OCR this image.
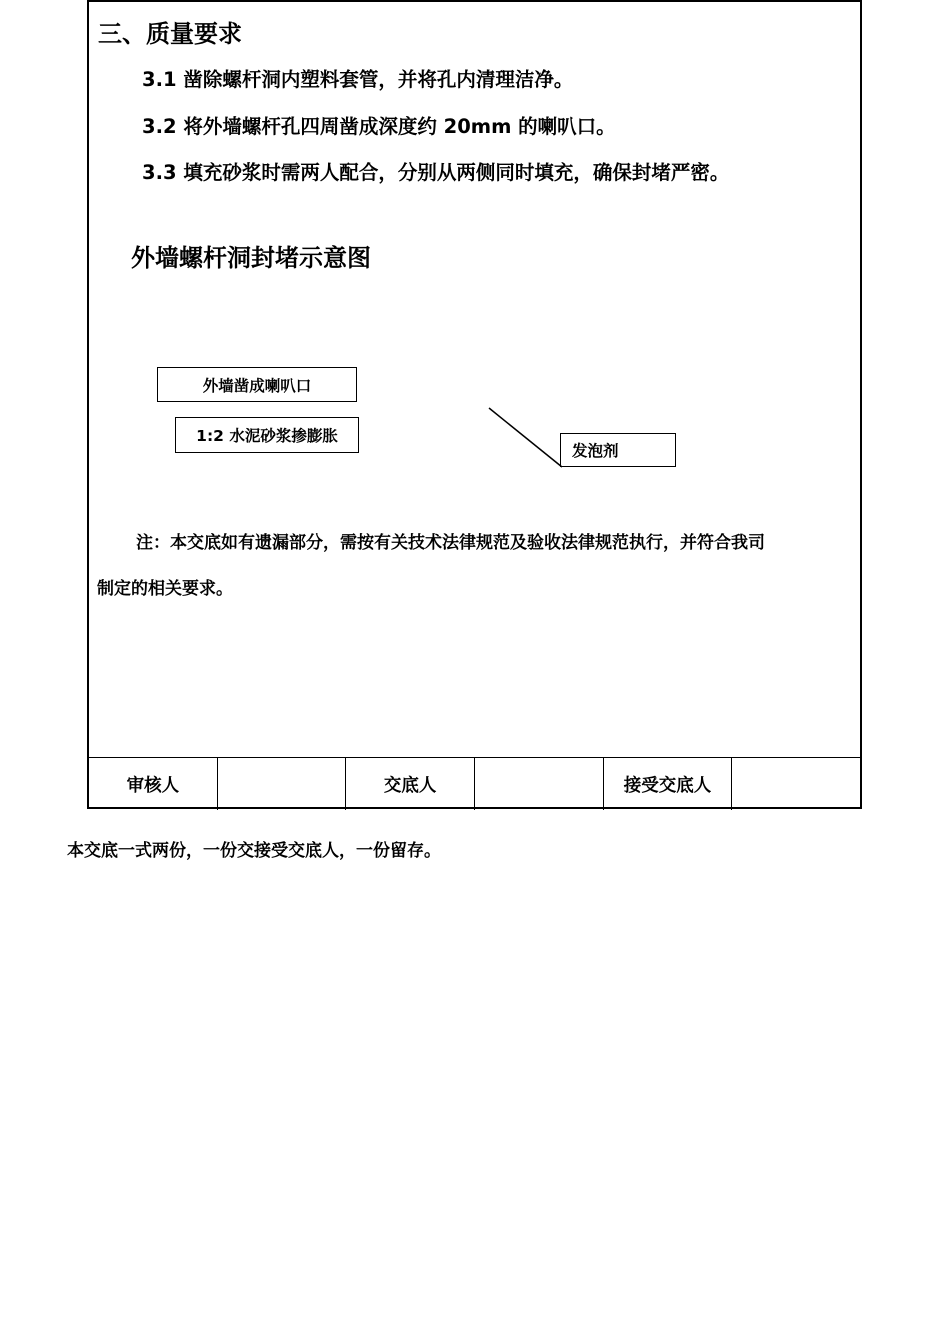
三、质量要求
3.1 凿除螺杆洞内塑料套管，并将孔内清理洁净。
3.2 将外墙螺杆孔四周凿成深度约 20mm 的喇叭口。
3.3 填充砂浆时需两人配合，分别从两侧同时填充，确保封堵严密。
外墙螺杆洞封堵示意图
外墙凿成喇叭口
1:2 水泥砂浆掺膨胀
发泡剂
注：本交底如有遗漏部分，需按有关技术法律规范及验收法律规范执行，并符合我司
制定的相关要求。
审核人	交底人	接受交底人
本交底一式两份，一份交接受交底人，一份留存。
